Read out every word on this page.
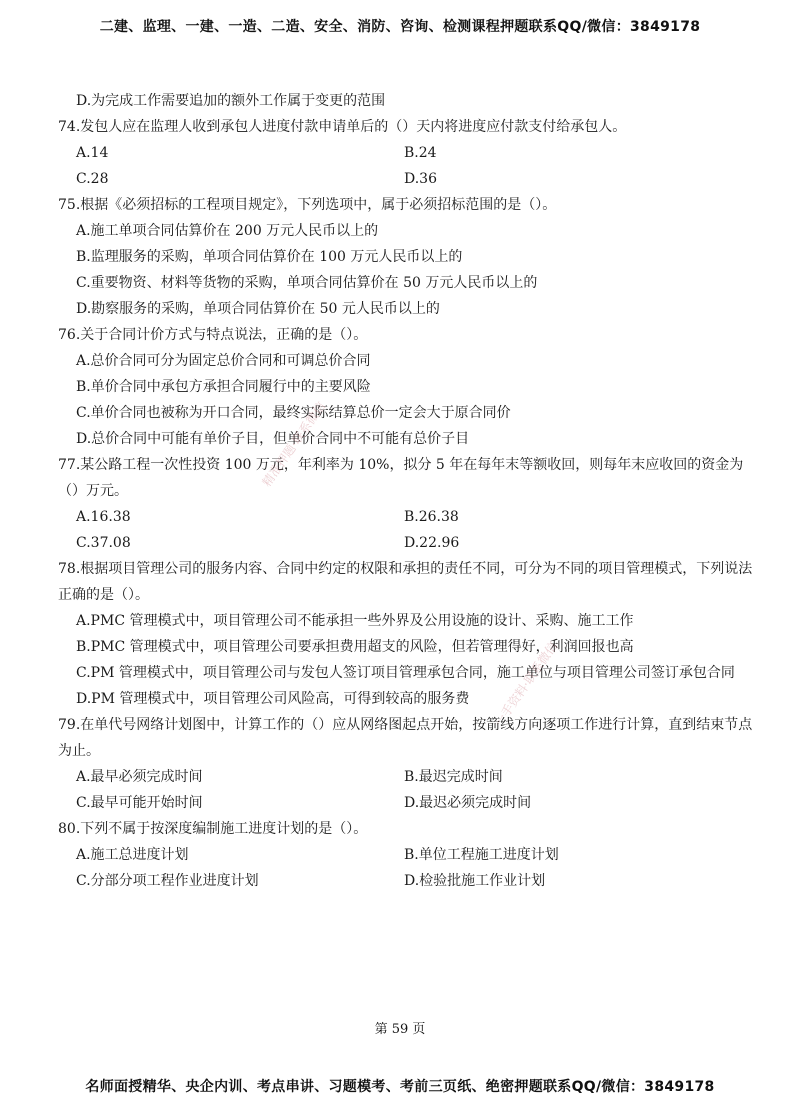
二建、监理、一建、一造、二造、安全、消防、咨询、检测课程押题联系QQ/微信：3849178
D.为完成工作需要追加的额外工作属于变更的范围
74.发包人应在监理人收到承包人进度付款申请单后的（）天内将进度应付款支付给承包人。
A.14	B.24
C.28	D.36
75.根据《必须招标的工程项目规定》，下列选项中，属于必须招标范围的是（）。
A.施工单项合同估算价在 200 万元人民币以上的
B.监理服务的采购，单项合同估算价在 100 万元人民币以上的
C.重要物资、材料等货物的采购，单项合同估算价在 50 万元人民币以上的
D.勘察服务的采购，单项合同估算价在 50 元人民币以上的
76.关于合同计价方式与特点说法，正确的是（）。
A.总价合同可分为固定总价合同和可调总价合同
B.单价合同中承包方承担合同履行中的主要风险
C.单价合同也被称为开口合同，最终实际结算总价一定会大于原合同价
D.总价合同中可能有单价子目，但单价合同中不可能有总价子目
77.某公路工程一次性投资 100 万元，年利率为 10%，拟分 5 年在每年末等额收回，则每年末应收回的资金为（）万元。
A.16.38	B.26.38
C.37.08	D.22.96
78.根据项目管理公司的服务内容、合同中约定的权限和承担的责任不同，可分为不同的项目管理模式，下列说法正确的是（）。
A.PMC 管理模式中，项目管理公司不能承担一些外界及公用设施的设计、采购、施工工作
B.PMC 管理模式中，项目管理公司要承担费用超支的风险，但若管理得好，利润回报也高
C.PM 管理模式中，项目管理公司与发包人签订项目管理承包合同，施工单位与项目管理公司签订承包合同
D.PM 管理模式中，项目管理公司风险高，可得到较高的服务费
79.在单代号网络计划图中，计算工作的（）应从网络图起点开始，按箭线方向逐项工作进行计算，直到结束节点为止。
A.最早必须完成时间	B.最迟完成时间
C.最早可能开始时间	D.最迟必须完成时间
80.下列不属于按深度编制施工进度计划的是（）。
A.施工总进度计划	B.单位工程施工进度计划
C.分部分项工程作业进度计划	D.检验批施工作业计划
精准押题·联系微信
一手资料·联系微信
第 59 页
名师面授精华、央企内训、考点串讲、习题模考、考前三页纸、绝密押题联系QQ/微信：3849178
